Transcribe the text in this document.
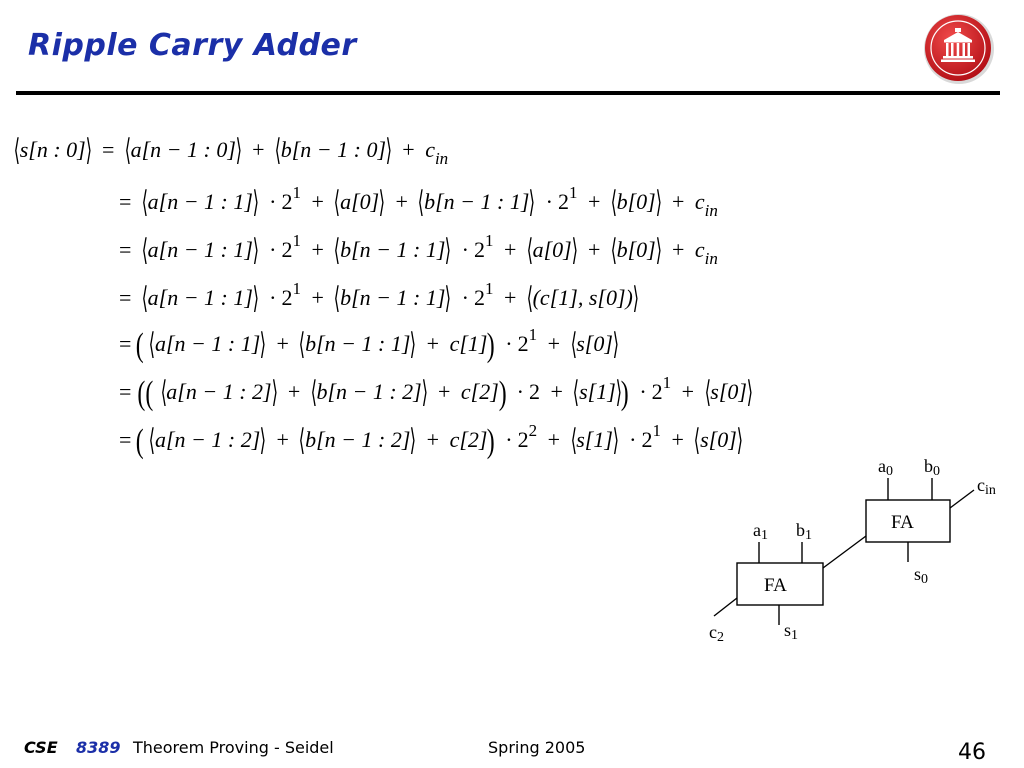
Ripple Carry Adder
⟨s[n : 0]⟩ = ⟨a[n − 1 : 0]⟩ + ⟨b[n − 1 : 0]⟩ + $c_{in}$
= ⟨a[n − 1 : 1]⟩ · $2^1$ + ⟨a[0]⟩ + ⟨b[n − 1 : 1]⟩ · $2^1$ + ⟨b[0]⟩ + $c_{in}$
= ⟨a[n − 1 : 1]⟩ · $2^1$ + ⟨b[n − 1 : 1]⟩ · $2^1$ + ⟨a[0]⟩ + ⟨b[0]⟩ + $c_{in}$
= ⟨a[n − 1 : 1]⟩ · $2^1$ + ⟨b[n − 1 : 1]⟩ · $2^1$ + ⟨(c[1], s[0])⟩
= ( ⟨a[n − 1 : 1]⟩ + ⟨b[n − 1 : 1]⟩ + $c[1]) \cdot 2^1$ + ⟨s[0]⟩
= (( ⟨a[n − 1 : 2]⟩ + ⟨b[n − 1 : 2]⟩ + c[2]) · 2 + ⟨s[1]⟩) · $2^1$ + ⟨s[0]⟩
= ( ⟨a[n − 1 : 2]⟩ + ⟨b[n − 1 : 2]⟩ + $c[2]) \cdot 2^2$ + ⟨s[1]⟩ · $2^1$ + ⟨s[0]⟩
FA
FA
a0 b0
cin
s0
a1 b1
c2	s1
CSE 8389 Theorem Proving - Seidel	Spring 2005	46
